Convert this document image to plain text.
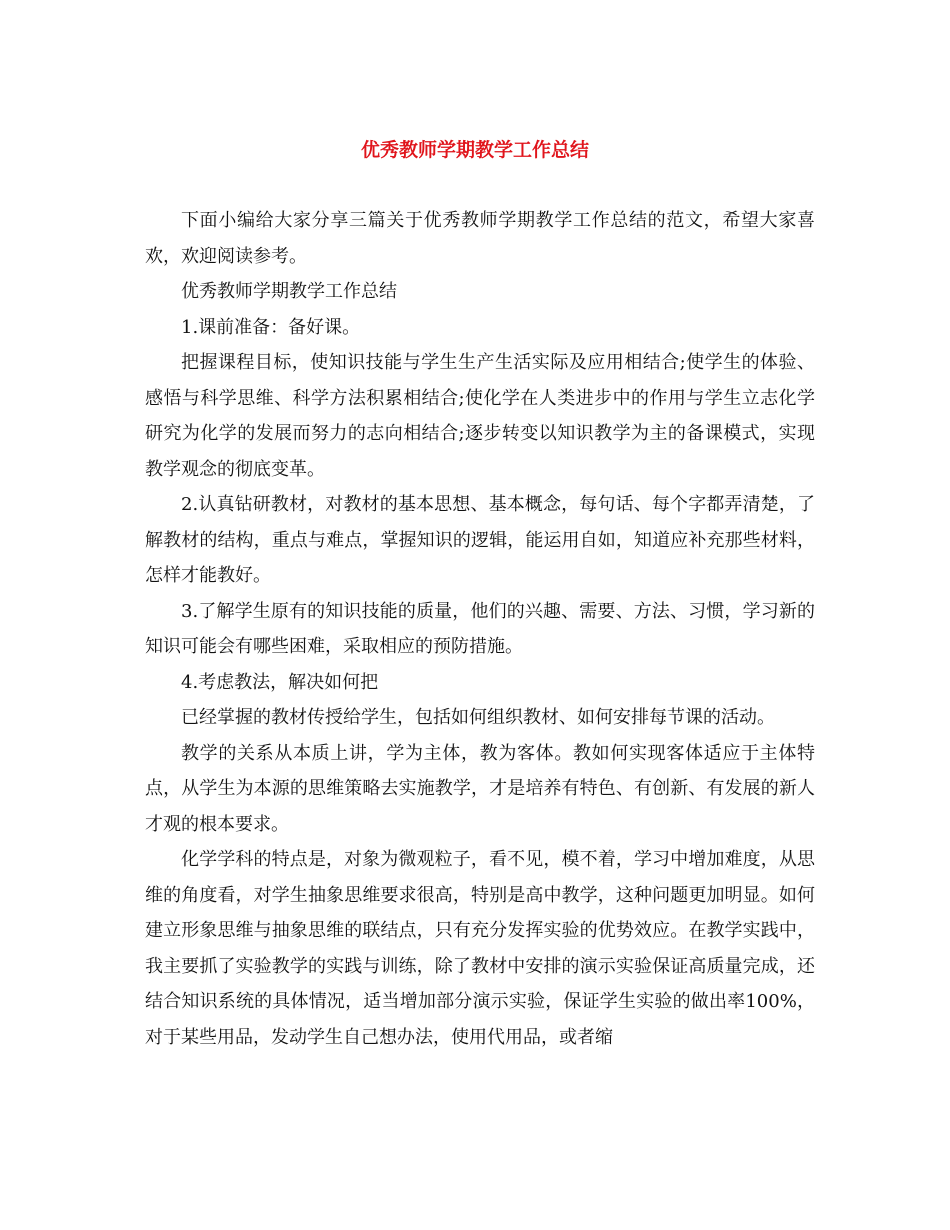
优秀教师学期教学工作总结

下面小编给大家分享三篇关于优秀教师学期教学工作总结的范文，希望大家喜欢，欢迎阅读参考。

优秀教师学期教学工作总结

1.课前准备：备好课。

把握课程目标，使知识技能与学生生产生活实际及应用相结合;使学生的体验、感悟与科学思维、科学方法积累相结合;使化学在人类进步中的作用与学生立志化学研究为化学的发展而努力的志向相结合;逐步转变以知识教学为主的备课模式，实现教学观念的彻底变革。

2.认真钻研教材，对教材的基本思想、基本概念，每句话、每个字都弄清楚，了解教材的结构，重点与难点，掌握知识的逻辑，能运用自如，知道应补充那些材料，怎样才能教好。

3.了解学生原有的知识技能的质量，他们的兴趣、需要、方法、习惯，学习新的知识可能会有哪些困难，采取相应的预防措施。

4.考虑教法，解决如何把

已经掌握的教材传授给学生，包括如何组织教材、如何安排每节课的活动。

教学的关系从本质上讲，学为主体，教为客体。教如何实现客体适应于主体特点，从学生为本源的思维策略去实施教学，才是培养有特色、有创新、有发展的新人才观的根本要求。

化学学科的特点是，对象为微观粒子，看不见，模不着，学习中增加难度，从思维的角度看，对学生抽象思维要求很高，特别是高中教学，这种问题更加明显。如何建立形象思维与抽象思维的联结点，只有充分发挥实验的优势效应。在教学实践中，我主要抓了实验教学的实践与训练，除了教材中安排的演示实验保证高质量完成，还结合知识系统的具体情况，适当增加部分演示实验，保证学生实验的做出率100%，对于某些用品，发动学生自己想办法，使用代用品，或者缩
